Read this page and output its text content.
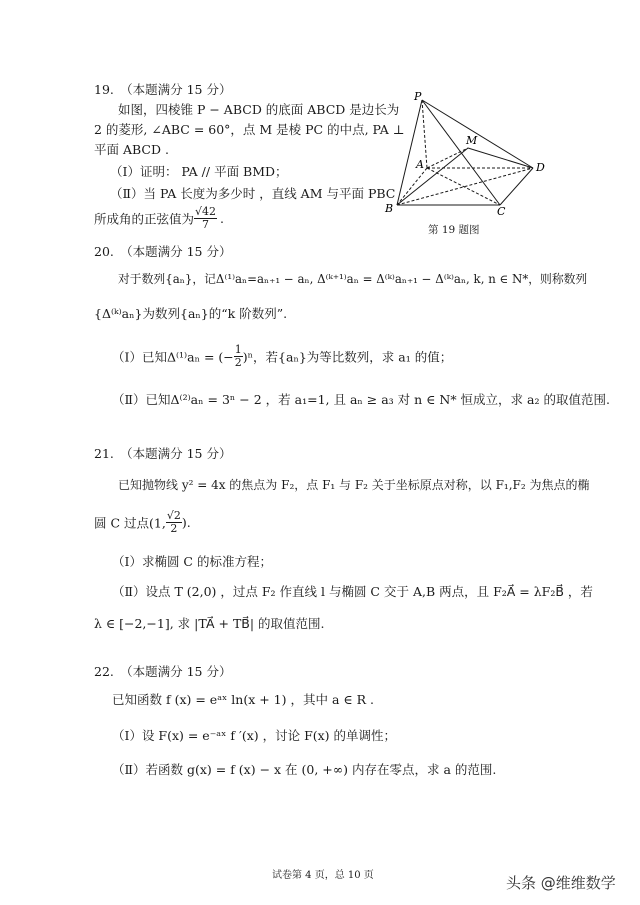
19.　（本题满分 15 分）
如图，四棱锥 P − ABCD 的底面 ABCD 是边长为
2 的菱形, ∠ABC = 60°，点 M 是棱 PC 的中点, PA ⊥
平面 ABCD .
（Ⅰ）证明： PA // 平面 BMD；
（Ⅱ）当 PA 长度为多少时 ，直线 AM 与平面 PBC
所成角的正弦值为 $\frac{√42}{7}$ .
P
M
A	D
B	C
第 19 题图
20.　（本题满分 15 分）
对于数列{aₙ}，记Δ⁽¹⁾aₙ=aₙ₊₁ − aₙ, Δ⁽ᵏ⁺¹⁾aₙ = Δ⁽ᵏ⁾aₙ₊₁ − Δ⁽ᵏ⁾aₙ, k, n ∈ N*，则称数列
{Δ⁽ᵏ⁾aₙ}为数列{aₙ}的“k 阶数列”.
（Ⅰ）已知Δ⁽¹⁾aₙ = (− $\frac{1}{2} )^n$，若{aₙ}为等比数列，求 a₁ 的值；
（Ⅱ）已知Δ⁽²⁾aₙ = 3ⁿ − 2 ，若 a₁=1, 且 aₙ ≥ a₃ 对 n ∈ N* 恒成立，求 a₂ 的取值范围.
21.　（本题满分 15 分）
已知抛物线 y² = 4x 的焦点为 F₂，点 F₁ 与 F₂ 关于坐标原点对称，以 F₁,F₂ 为焦点的椭
圆 C 过点(1, $\frac{√2}{2}$ ).
（Ⅰ）求椭圆 C 的标准方程；
（Ⅱ）设点 T (2,0) ，过点 F₂ 作直线 l 与椭圆 C 交于 A,B 两点，且 F₂A⃗ = λF₂B⃗ ，若
λ ∈ [−2,−1], 求 |TA⃗ + TB⃗| 的取值范围.
22.　（本题满分 15 分）
已知函数 f (x) = eᵃˣ ln(x + 1) ，其中 a ∈ R .
（Ⅰ）设 F(x) = e⁻ᵃˣ f ′(x) ，讨论 F(x) 的单调性；
（Ⅱ）若函数 g(x) = f (x) − x 在 (0, +∞) 内存在零点，求 a 的范围.
试卷第 4 页，总 10 页	头条 @维维数学
